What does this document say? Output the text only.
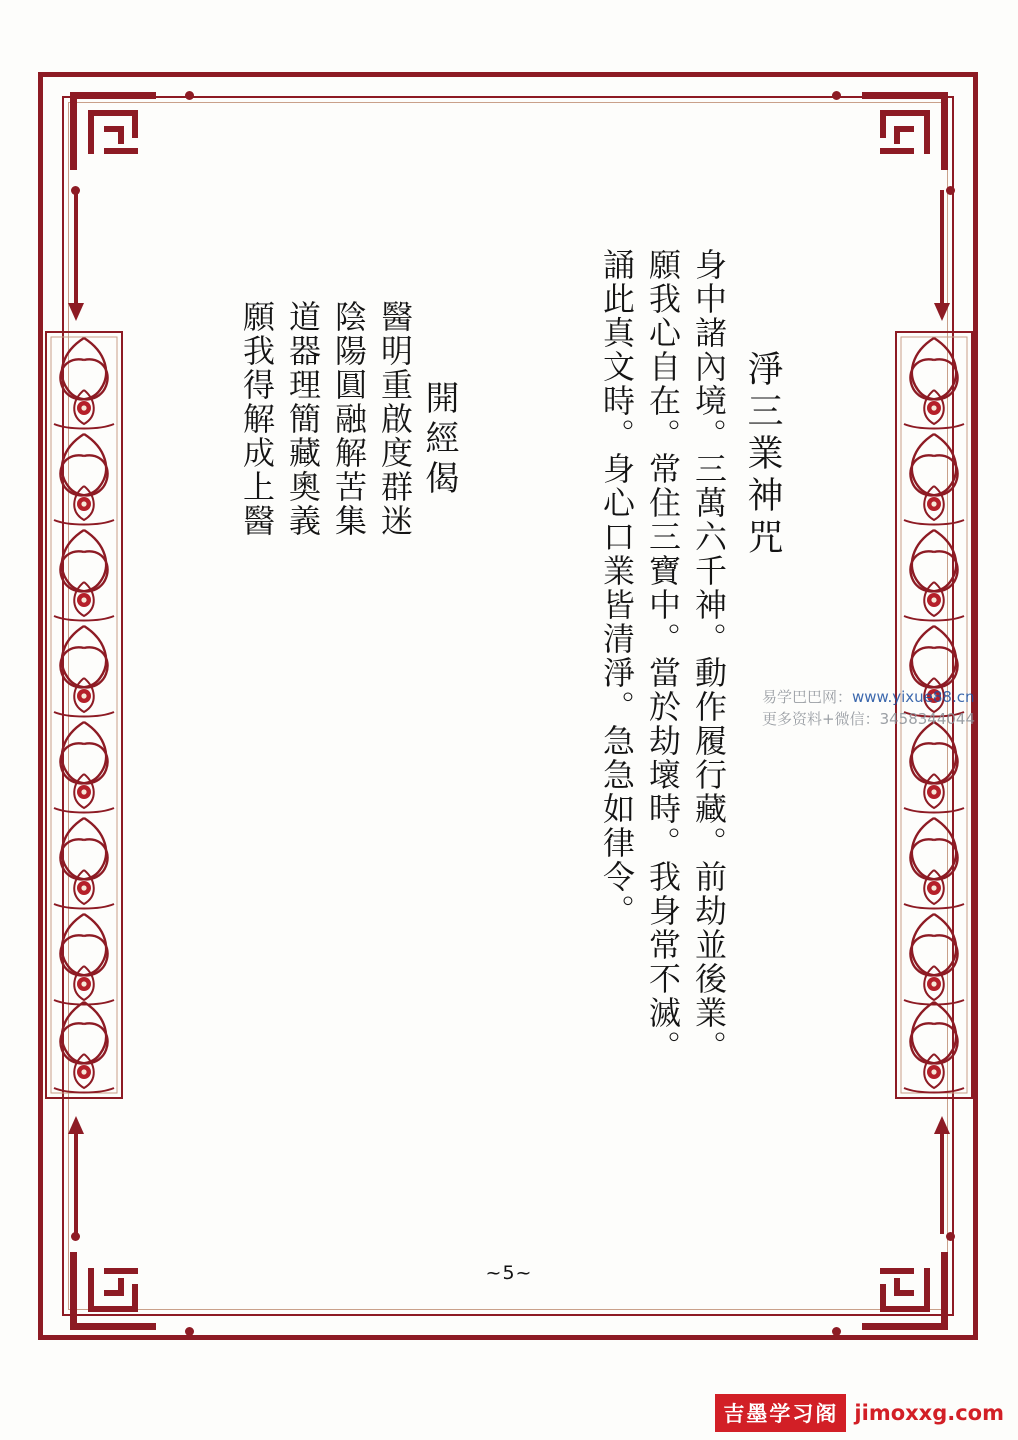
淨三業神咒
身中諸內境。三萬六千神。動作履行藏。前劫並後業。
願我心自在。常住三寶中。當於劫壞時。我身常不滅。
誦此真文時。身心口業皆清淨。急急如律令。
開經偈
醫明重啟度群迷
陰陽圓融解苦集
道器理簡藏奧義
願我得解成上醫
~5~
易学巴巴网：www.yixue88.cn
更多资料+微信：3458344044
吉墨学习阁 jimoxxg.com
